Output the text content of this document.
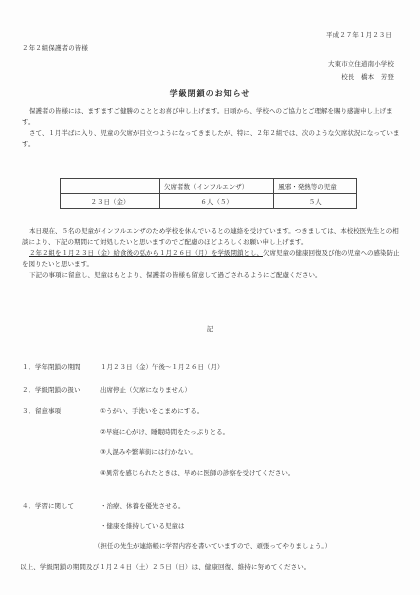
平成２７年１月２３日
２年２組保護者の皆様
大東市立住道南小学校
校長　橋本　芳登
学級閉鎖のお知らせ

保護者の皆様には、ますますご健勝のこととお喜び申し上げます。日頃から、学校へのご協力とご理解を賜り感謝申し上げます。

さて、１月半ばに入り、児童の欠席が目立つようになってきましたが、特に、２年２組では、次のような欠席状況になっています。

	欠席者数（インフルエンザ）	風邪・発熱等の児童
２３日（金）	６人（５）	５人

本日現在、５名の児童がインフルエンザのため学校を休んでいるとの連絡を受けています。つきましては、本校校医先生との相談により、下記の期間にて対処したいと思いますのでご配慮のほどよろしくお願い申し上げます。

２年２組を１月２３日（金）給食後の弘から１月２６日（月）を学級閉鎖とし、欠席児童の健康回復及び他の児童への感染防止を図りたいと思います。

下記の事項に留意し、児童はもとより、保護者の皆様も留意して過ごされるようにご配慮ください。

記
１．学年閉鎖の期間	１月２３日（金）午後〜１月２６日（月）
２．学級閉鎖の扱い	出席停止（欠席になりません）
３．留意事項	①うがい、手洗いをこまめにする。
②早寝に心がけ、睡眠時間をたっぷりとる。
③人混みや繁華街には行かない。
④異常を感じられたときは、早めに医師の診察を受けてください。
４．学習に関して	・治療、休養を優先させる。
・健康を維持している児童は
（担任の先生が連絡帳に学習内容を書いていますので、頑張ってやりましょう。）
以上、学級閉鎖の期間及び１月２４日（土）２５日（日）は、健康回復、維持に努めてください。
